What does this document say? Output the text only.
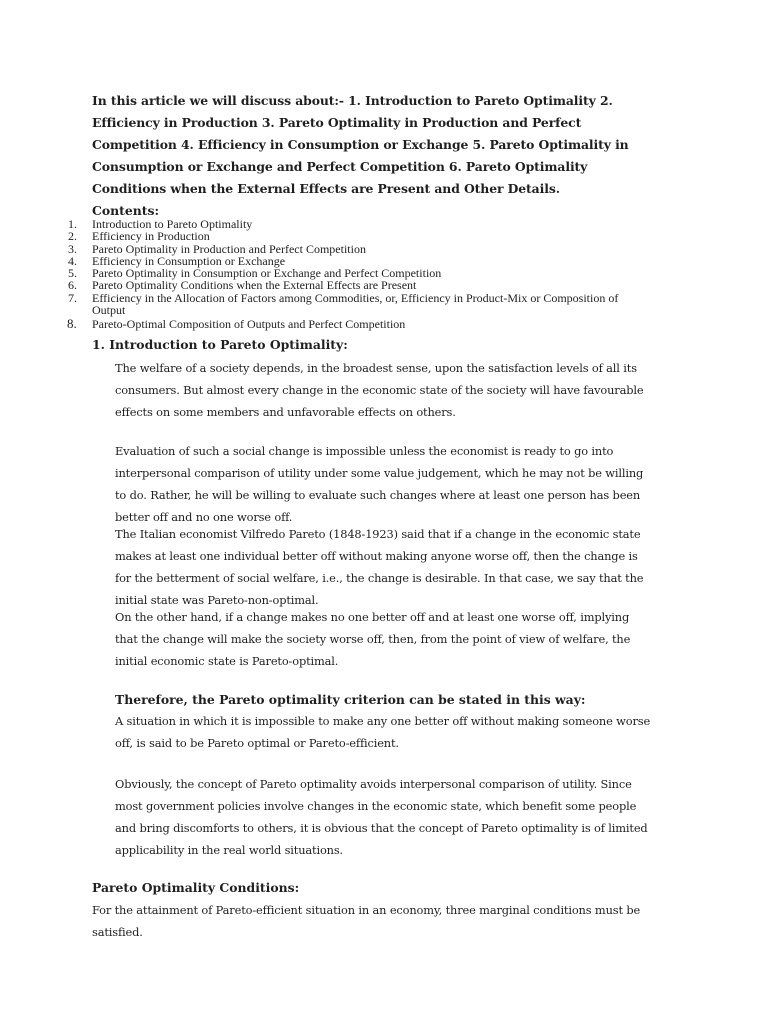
In this article we will discuss about:- 1. Introduction to Pareto Optimality 2. Efficiency in Production 3. Pareto Optimality in Production and Perfect Competition 4. Efficiency in Consumption or Exchange 5. Pareto Optimality in Consumption or Exchange and Perfect Competition 6. Pareto Optimality Conditions when the External Effects are Present and Other Details.
Contents:
1.	Introduction to Pareto Optimality
2.	Efficiency in Production
3.	Pareto Optimality in Production and Perfect Competition
4.	Efficiency in Consumption or Exchange
5.	Pareto Optimality in Consumption or Exchange and Perfect Competition
6.	Pareto Optimality Conditions when the External Effects are Present
7.	Efficiency in the Allocation of Factors among Commodities, or, Efficiency in Product-Mix or Composition of Output
8.	Pareto-Optimal Composition of Outputs and Perfect Competition
1. Introduction to Pareto Optimality:

The welfare of a society depends, in the broadest sense, upon the satisfaction levels of all its consumers. But almost every change in the economic state of the society will have favourable effects on some members and unfavorable effects on others.

Evaluation of such a social change is impossible unless the economist is ready to go into interpersonal comparison of utility under some value judgement, which he may not be willing to do. Rather, he will be willing to evaluate such changes where at least one person has been better off and no one worse off.

The Italian economist Vilfredo Pareto (1848-1923) said that if a change in the economic state makes at least one individual better off without making anyone worse off, then the change is for the betterment of social welfare, i.e., the change is desirable. In that case, we say that the initial state was Pareto-non-optimal.

On the other hand, if a change makes no one better off and at least one worse off, implying that the change will make the society worse off, then, from the point of view of welfare, the initial economic state is Pareto-optimal.

Therefore, the Pareto optimality criterion can be stated in this way:

A situation in which it is impossible to make any one better off without making someone worse off, is said to be Pareto optimal or Pareto-efficient.

Obviously, the concept of Pareto optimality avoids interpersonal comparison of utility. Since most government policies involve changes in the economic state, which benefit some people and bring discomforts to others, it is obvious that the concept of Pareto optimality is of limited applicability in the real world situations.

Pareto Optimality Conditions:
For the attainment of Pareto-efficient situation in an economy, three marginal conditions must be satisfied.
